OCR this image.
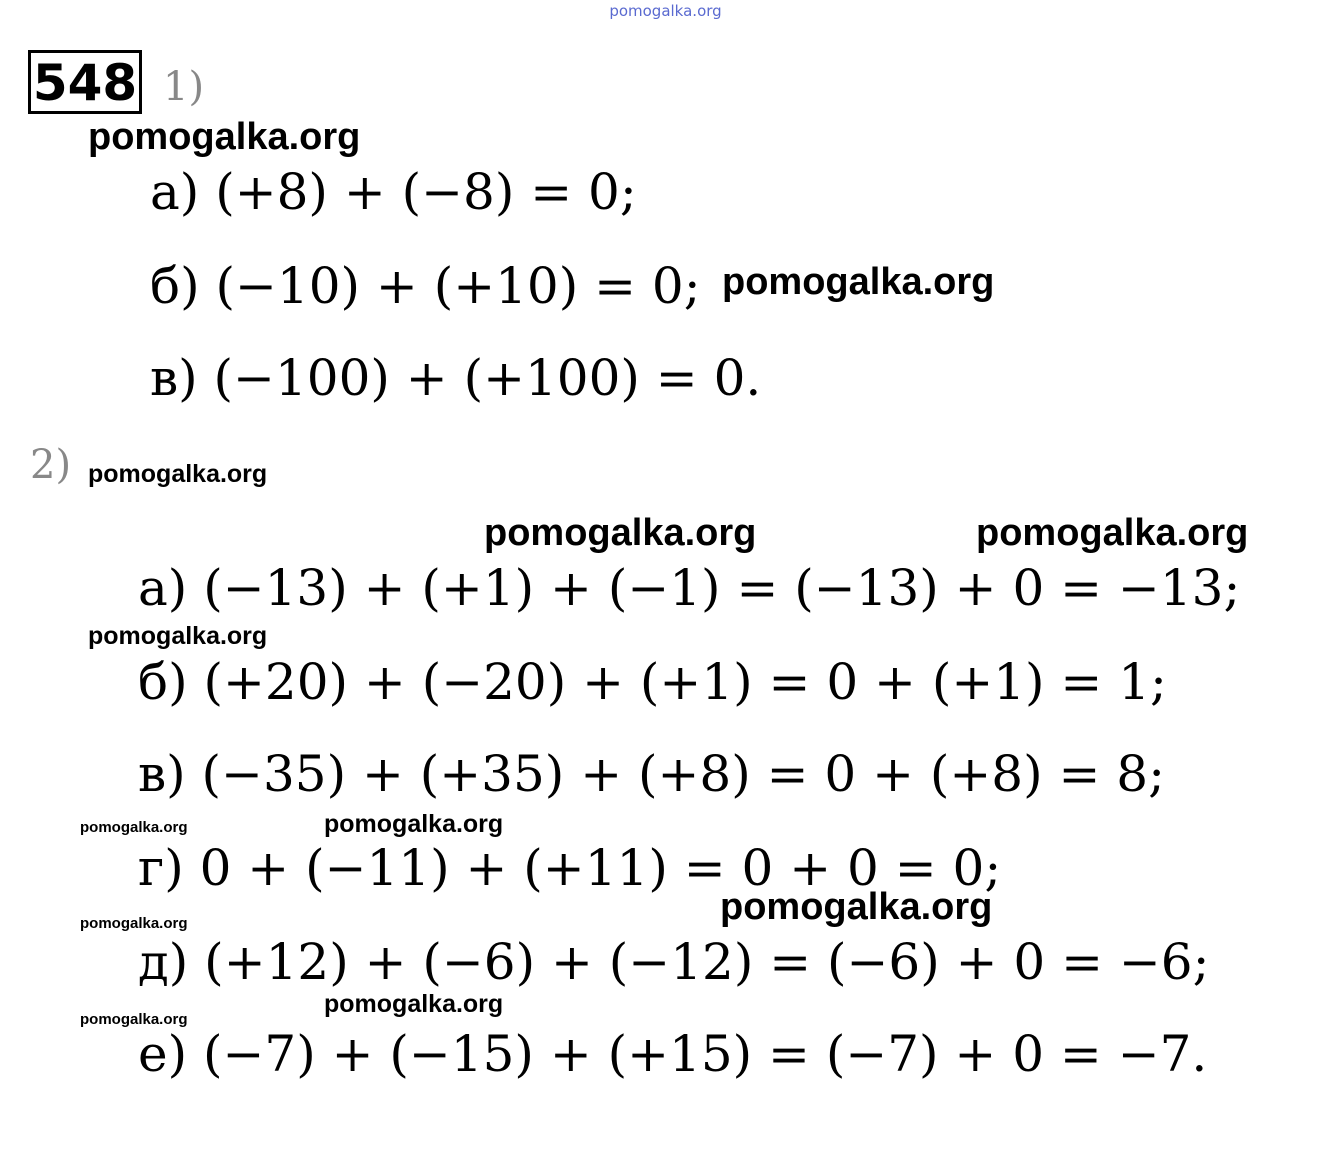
pomogalka.org
548 1)
pomogalka.org
а) (+8) + (−8) = 0;
б) (−10) + (+10) = 0; pomogalka.org
в) (−100) + (+100) = 0.
2) pomogalka.org
pomogalka.org	pomogalka.org
а) (−13) + (+1) + (−1) = (−13) + 0 = −13;
pomogalka.org
б) (+20) + (−20) + (+1) = 0 + (+1) = 1;
в) (−35) + (+35) + (+8) = 0 + (+8) = 8;
pomogalka.org	pomogalka.org
г) 0 + (−11) + (+11) = 0 + 0 = 0;
pomogalka.org
pomogalka.org
д) (+12) + (−6) + (−12) = (−6) + 0 = −6;
pomogalka.org
pomogalka.org
е) (−7) + (−15) + (+15) = (−7) + 0 = −7.
